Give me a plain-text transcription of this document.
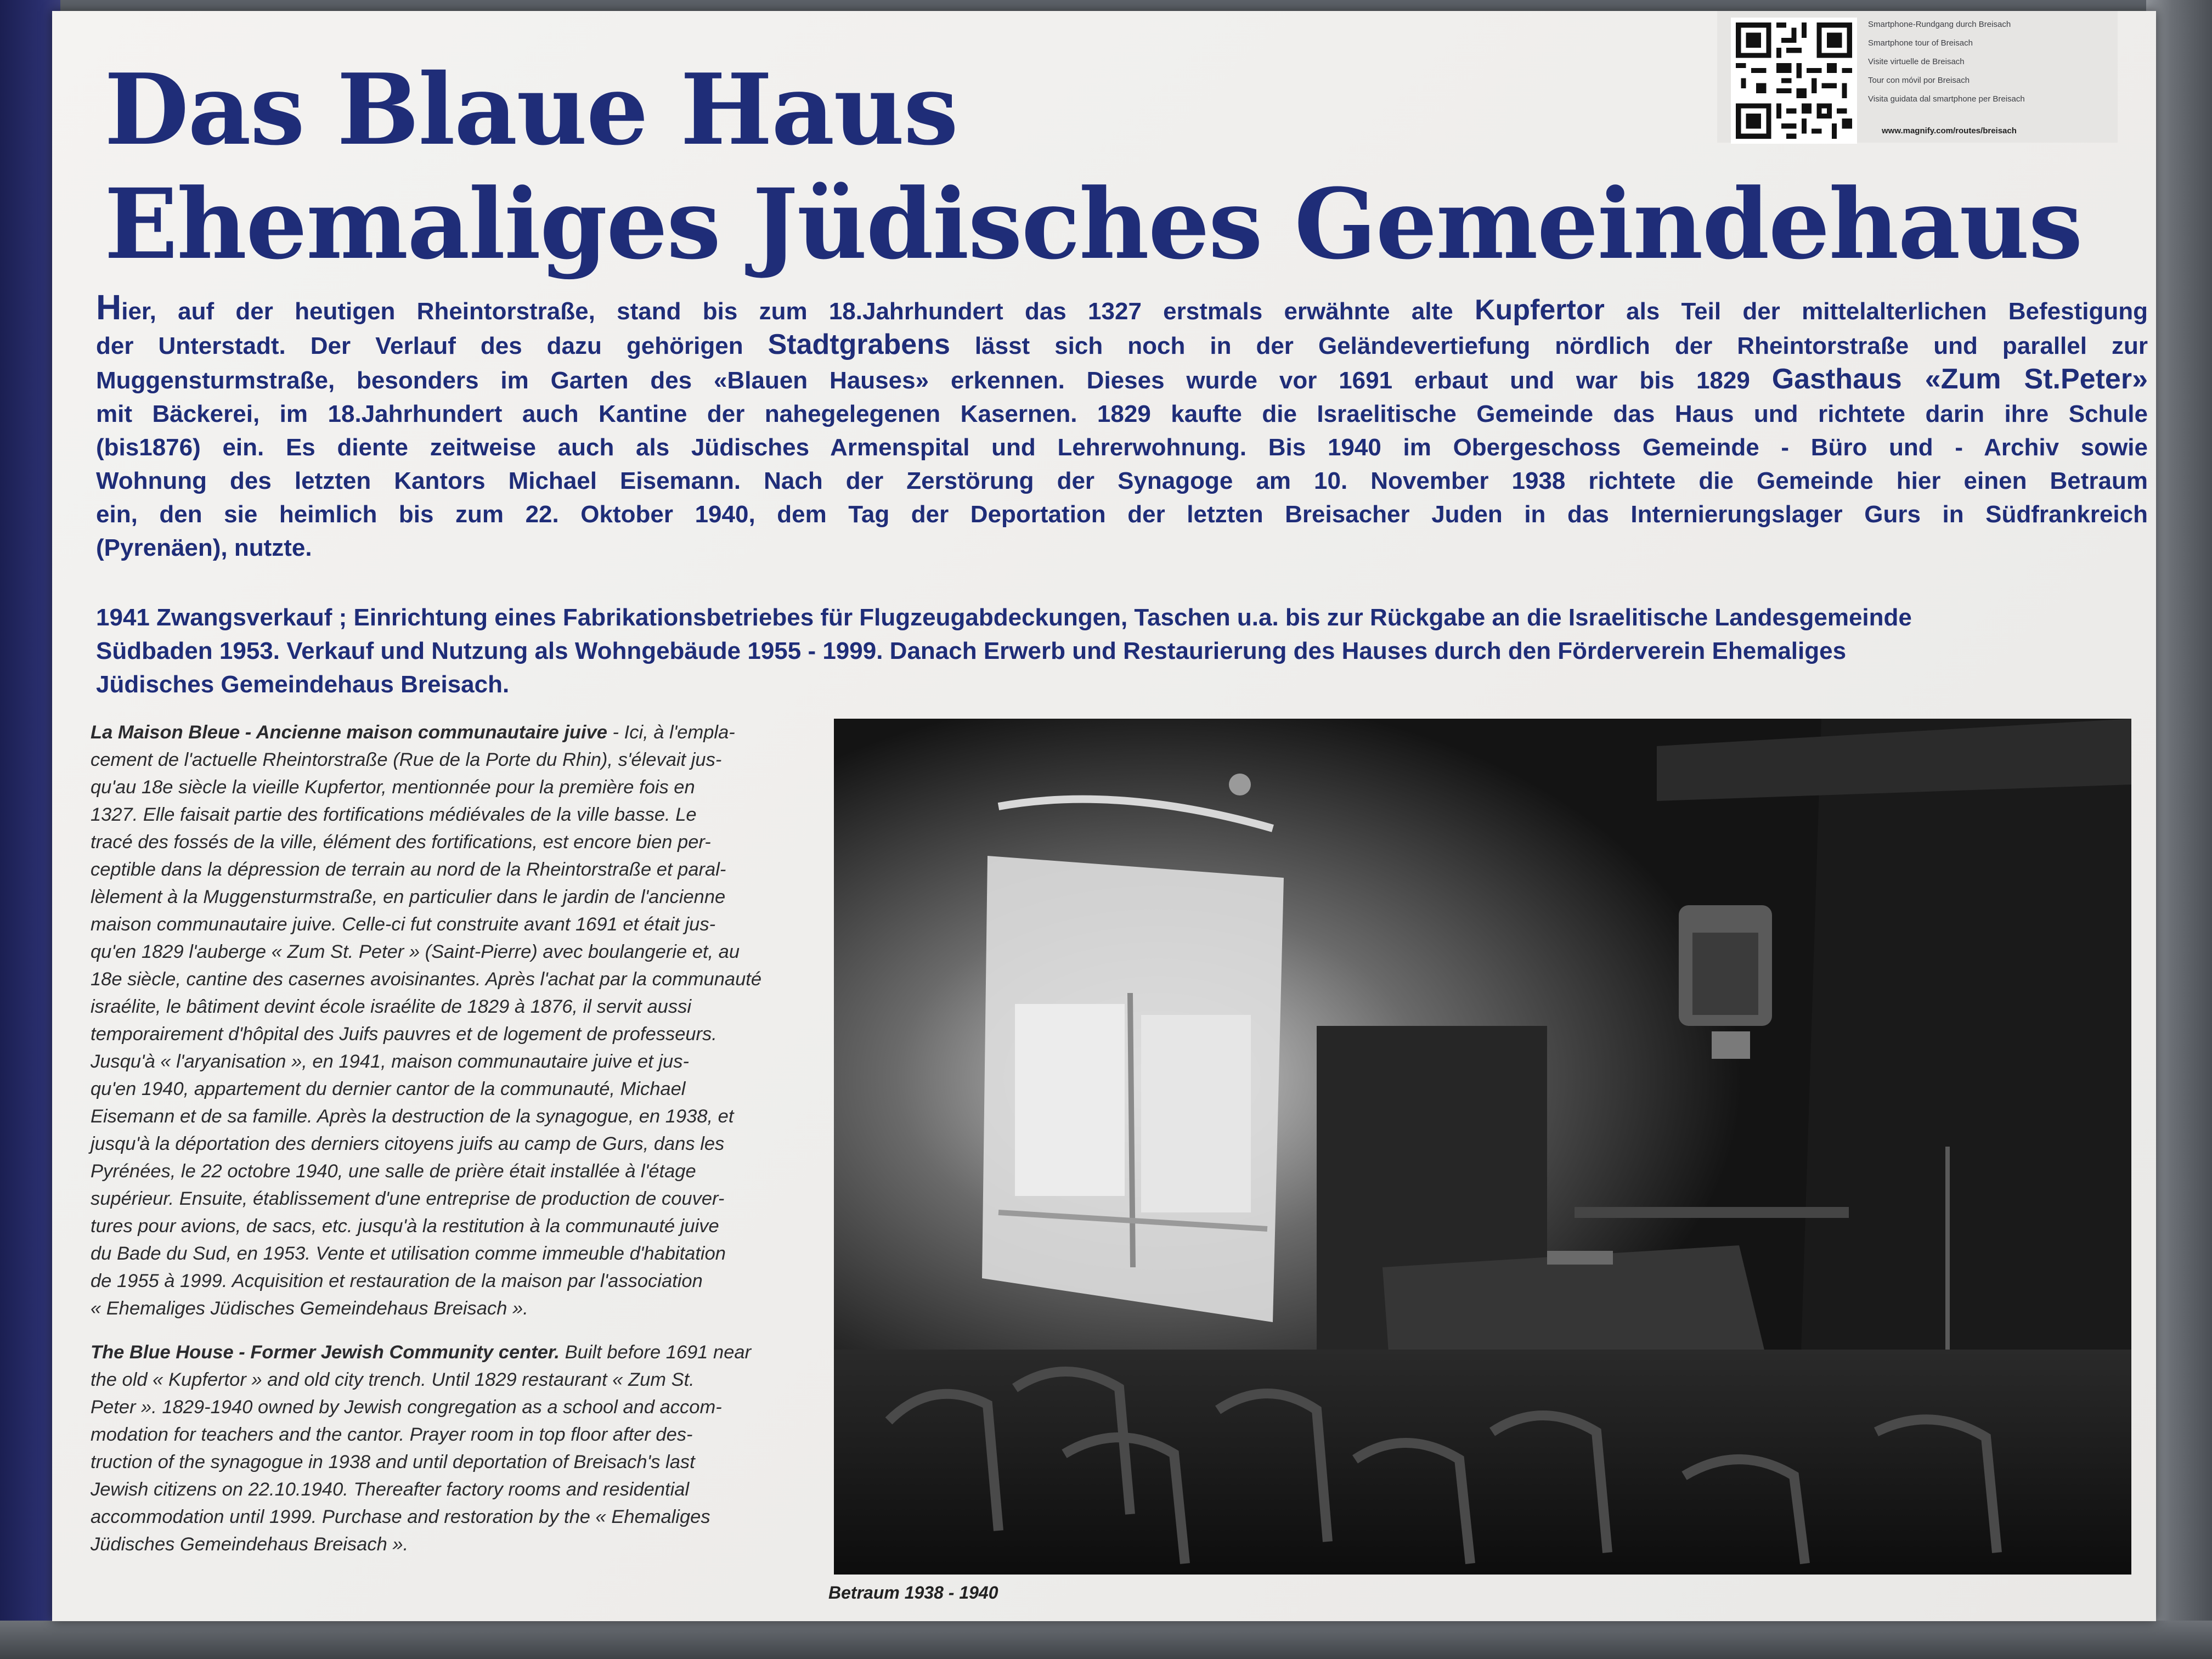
Das Blaue Haus
Ehemaliges Jüdisches Gemeindehaus
Smartphone-Rundgang durch Breisach
Smartphone tour of Breisach
Visite virtuelle de Breisach
Tour con móvil por Breisach
Visita guidata dal smartphone per Breisach
www.magnify.com/routes/breisach
Hier, auf der heutigen Rheintorstraße, stand bis zum 18.Jahrhundert das 1327 erstmals erwähnte alte Kupfertor als Teil der mittelalterlichen Befestigung
der Unterstadt. Der Verlauf des dazu gehörigen Stadtgrabens lässt sich noch in der Geländevertiefung nördlich der Rheintorstraße und parallel zur
Muggensturmstraße, besonders im Garten des «Blauen Hauses» erkennen. Dieses wurde vor 1691 erbaut und war bis 1829 Gasthaus «Zum St.Peter»
mit Bäckerei, im 18.Jahrhundert auch Kantine der nahegelegenen Kasernen. 1829 kaufte die Israelitische Gemeinde das Haus und richtete darin ihre Schule
(bis1876) ein. Es diente zeitweise auch als Jüdisches Armenspital und Lehrerwohnung. Bis 1940 im Obergeschoss Gemeinde - Büro und - Archiv sowie
Wohnung des letzten Kantors Michael Eisemann. Nach der Zerstörung der Synagoge am 10. November 1938 richtete die Gemeinde hier einen Betraum
ein, den sie heimlich bis zum 22. Oktober 1940, dem Tag der Deportation der letzten Breisacher Juden in das Internierungslager Gurs in Südfrankreich
(Pyrenäen), nutzte.
1941 Zwangsverkauf ; Einrichtung eines Fabrikationsbetriebes für Flugzeugabdeckungen, Taschen u.a. bis zur Rückgabe an die Israelitische Landesgemeinde
Südbaden 1953. Verkauf und Nutzung als Wohngebäude 1955 - 1999. Danach Erwerb und Restaurierung des Hauses durch den Förderverein Ehemaliges
Jüdisches Gemeindehaus Breisach.
La Maison Bleue - Ancienne maison communautaire juive - Ici, à l'empla-
cement de l'actuelle Rheintorstraße (Rue de la Porte du Rhin), s'élevait jus-
qu'au 18e siècle la vieille Kupfertor, mentionnée pour la première fois en
1327. Elle faisait partie des fortifications médiévales de la ville basse. Le
tracé des fossés de la ville, élément des fortifications, est encore bien per-
ceptible dans la dépression de terrain au nord de la Rheintorstraße et paral-
lèlement à la Muggensturmstraße, en particulier dans le jardin de l'ancienne
maison communautaire juive. Celle-ci fut construite avant 1691 et était jus-
qu'en 1829 l'auberge « Zum St. Peter » (Saint-Pierre) avec boulangerie et, au
18e siècle, cantine des casernes avoisinantes. Après l'achat par la communauté
israélite, le bâtiment devint école israélite de 1829 à 1876, il servit aussi
temporairement d'hôpital des Juifs pauvres et de logement de professeurs.
Jusqu'à « l'aryanisation », en 1941, maison communautaire juive et jus-
qu'en 1940, appartement du dernier cantor de la communauté, Michael
Eisemann et de sa famille. Après la destruction de la synagogue, en 1938, et
jusqu'à la déportation des derniers citoyens juifs au camp de Gurs, dans les
Pyrénées, le 22 octobre 1940, une salle de prière était installée à l'étage
supérieur. Ensuite, établissement d'une entreprise de production de couver-
tures pour avions, de sacs, etc. jusqu'à la restitution à la communauté juive
du Bade du Sud, en 1953. Vente et utilisation comme immeuble d'habitation
de 1955 à 1999. Acquisition et restauration de la maison par l'association
« Ehemaliges Jüdisches Gemeindehaus Breisach ».
The Blue House - Former Jewish Community center. Built before 1691 near
the old « Kupfertor » and old city trench. Until 1829 restaurant « Zum St.
Peter ». 1829-1940 owned by Jewish congregation as a school and accom-
modation for teachers and the cantor. Prayer room in top floor after des-
truction of the synagogue in 1938 and until deportation of Breisach's last
Jewish citizens on 22.10.1940. Thereafter factory rooms and residential
accommodation until 1999. Purchase and restoration by the « Ehemaliges
Jüdisches Gemeindehaus Breisach ».
Betraum 1938 - 1940
